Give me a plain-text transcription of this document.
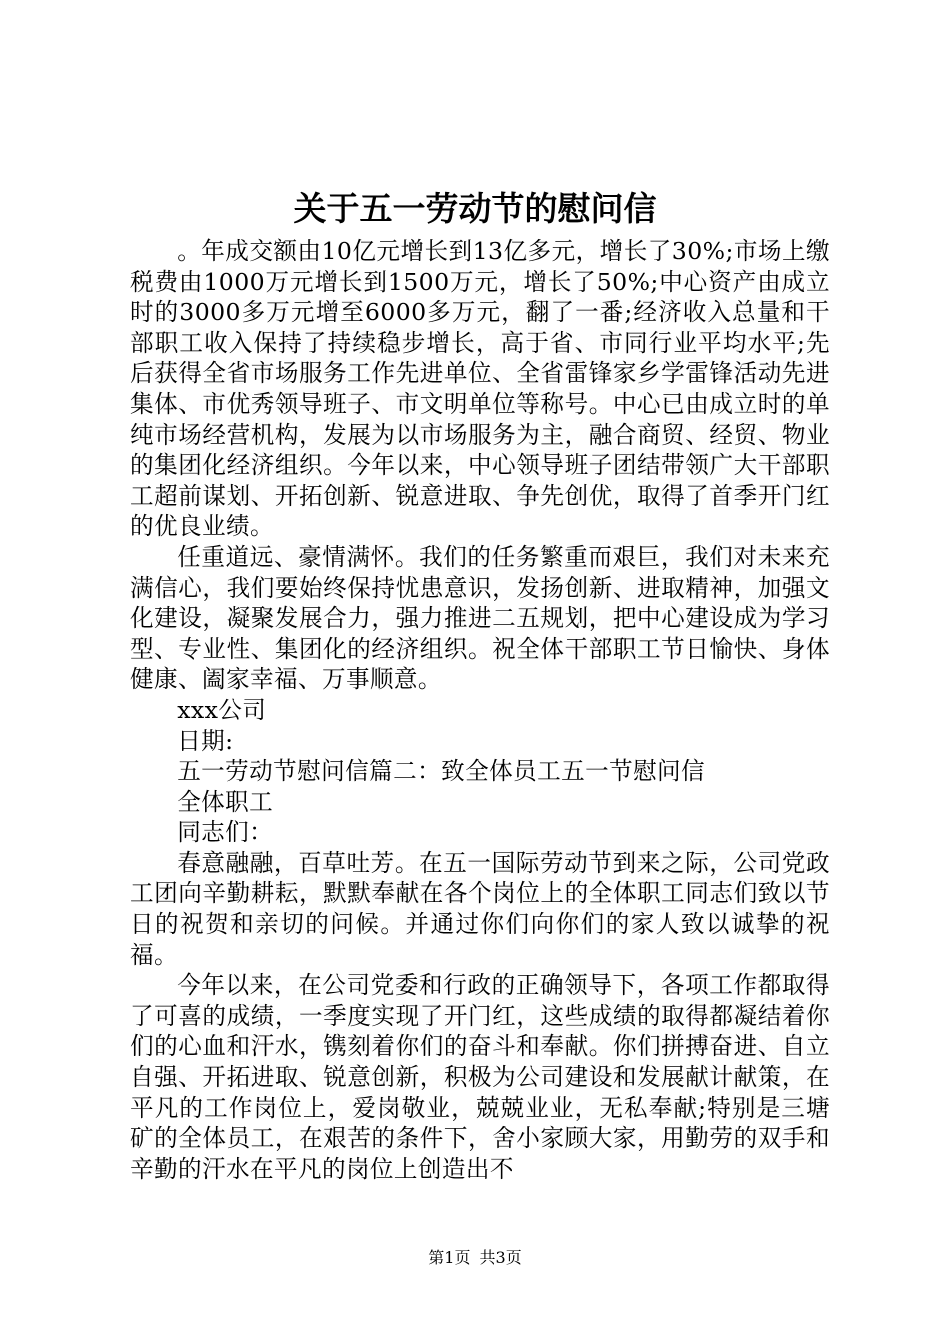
关于五一劳动节的慰问信

。年成交额由10亿元增长到13亿多元，增长了30%;市场上缴税费由1000万元增长到1500万元，增长了50%;中心资产由成立时的3000多万元增至6000多万元，翻了一番;经济收入总量和干部职工收入保持了持续稳步增长，高于省、市同行业平均水平;先后获得全省市场服务工作先进单位、全省雷锋家乡学雷锋活动先进集体、市优秀领导班子、市文明单位等称号。中心已由成立时的单纯市场经营机构，发展为以市场服务为主，融合商贸、经贸、物业的集团化经济组织。今年以来，中心领导班子团结带领广大干部职工超前谋划、开拓创新、锐意进取、争先创优，取得了首季开门红的优良业绩。

任重道远、豪情满怀。我们的任务繁重而艰巨，我们对未来充满信心，我们要始终保持忧患意识，发扬创新、进取精神，加强文化建设，凝聚发展合力，强力推进二五规划，把中心建设成为学习型、专业性、集团化的经济组织。祝全体干部职工节日愉快、身体健康、阖家幸福、万事顺意。

xxx公司

日期:

五一劳动节慰问信篇二：致全体员工五一节慰问信

全体职工

同志们：

春意融融，百草吐芳。在五一国际劳动节到来之际，公司党政工团向辛勤耕耘，默默奉献在各个岗位上的全体职工同志们致以节日的祝贺和亲切的问候。并通过你们向你们的家人致以诚挚的祝福。

今年以来，在公司党委和行政的正确领导下，各项工作都取得了可喜的成绩，一季度实现了开门红，这些成绩的取得都凝结着你们的心血和汗水，镌刻着你们的奋斗和奉献。你们拼搏奋进、自立自强、开拓进取、锐意创新，积极为公司建设和发展献计献策，在平凡的工作岗位上，爱岗敬业，兢兢业业，无私奉献;特别是三塘矿的全体员工，在艰苦的条件下，舍小家顾大家，用勤劳的双手和辛勤的汗水在平凡的岗位上创造出不

第1页 共3页
